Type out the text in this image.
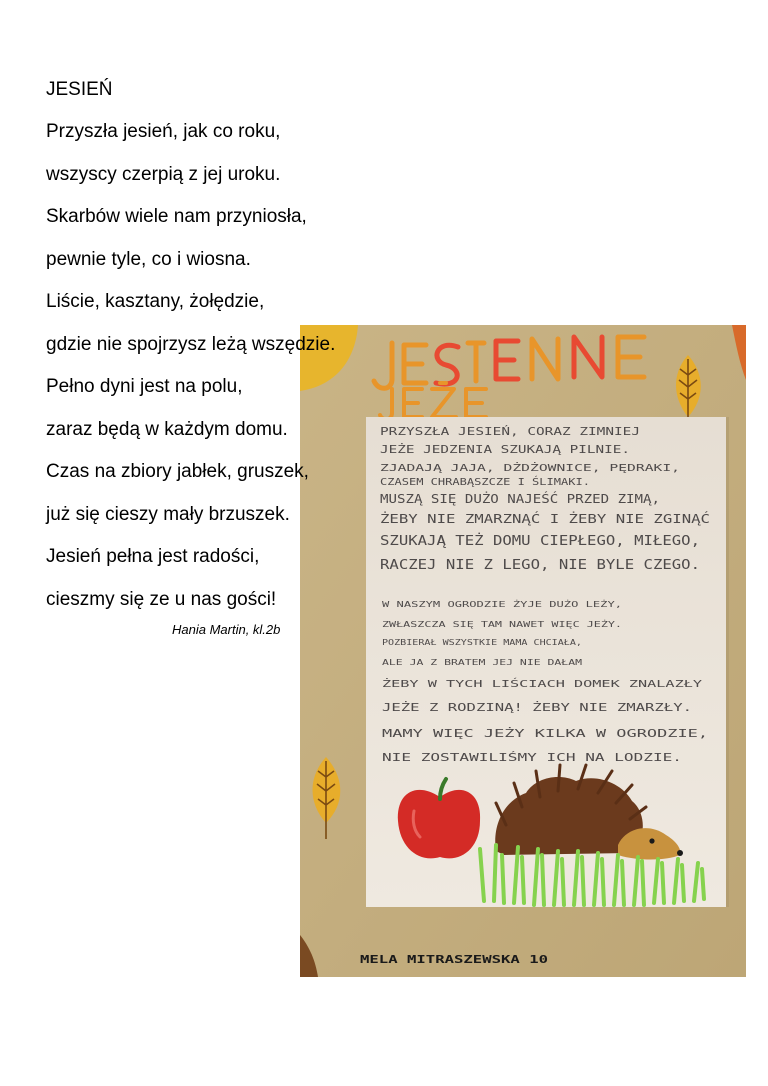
JESIEŃ
Przyszła jesień, jak co roku,
wszyscy czerpią z jej uroku.
Skarbów wiele nam przyniosła,
pewnie tyle, co i wiosna.
Liście, kasztany, żołędzie,
gdzie nie spojrzysz leżą wszędzie.
Pełno dyni jest na polu,
zaraz będą w każdym domu.
Czas na zbiory jabłek, gruszek,
już się cieszy mały brzuszek.
Jesień pełna jest radości,
cieszmy się ze u nas gości!
Hania Martin, kl.2b
PRZYSZŁA JESIEŃ, CORAZ ZIMNIEJ
JEŻE JEDZENIA SZUKAJĄ PILNIE.
ZJADAJĄ JAJA, DŻDŻOWNICE, PĘDRAKI,
CZASEM CHRABĄSZCZE I ŚLIMAKI.
MUSZĄ SIĘ DUŻO NAJEŚĆ PRZED ZIMĄ,
ŻEBY NIE ZMARZNĄĆ I ŻEBY NIE ZGINĄĆ
SZUKAJĄ TEŻ DOMU CIEPŁEGO, MIŁEGO,
RACZEJ NIE Z LEGO, NIE BYLE CZEGO.
W NASZYM OGRODZIE ŻYJE DUŻO LEŻY,
ZWŁASZCZA SIĘ TAM NAWET WIĘC JEŻY.
POZBIERAŁ WSZYSTKIE MAMA CHCIAŁA,
ALE JA Z BRATEM JEJ NIE DAŁAM
ŻEBY W TYCH LIŚCIACH DOMEK ZNALAZŁY
JEŻE Z RODZINĄ! ŻEBY NIE ZMARZŁY.
MAMY WIĘC JEŻY KILKA W OGRODZIE,
NIE ZOSTAWILIŚMY ICH NA LODZIE.
MELA MITRASZEWSKA 10
